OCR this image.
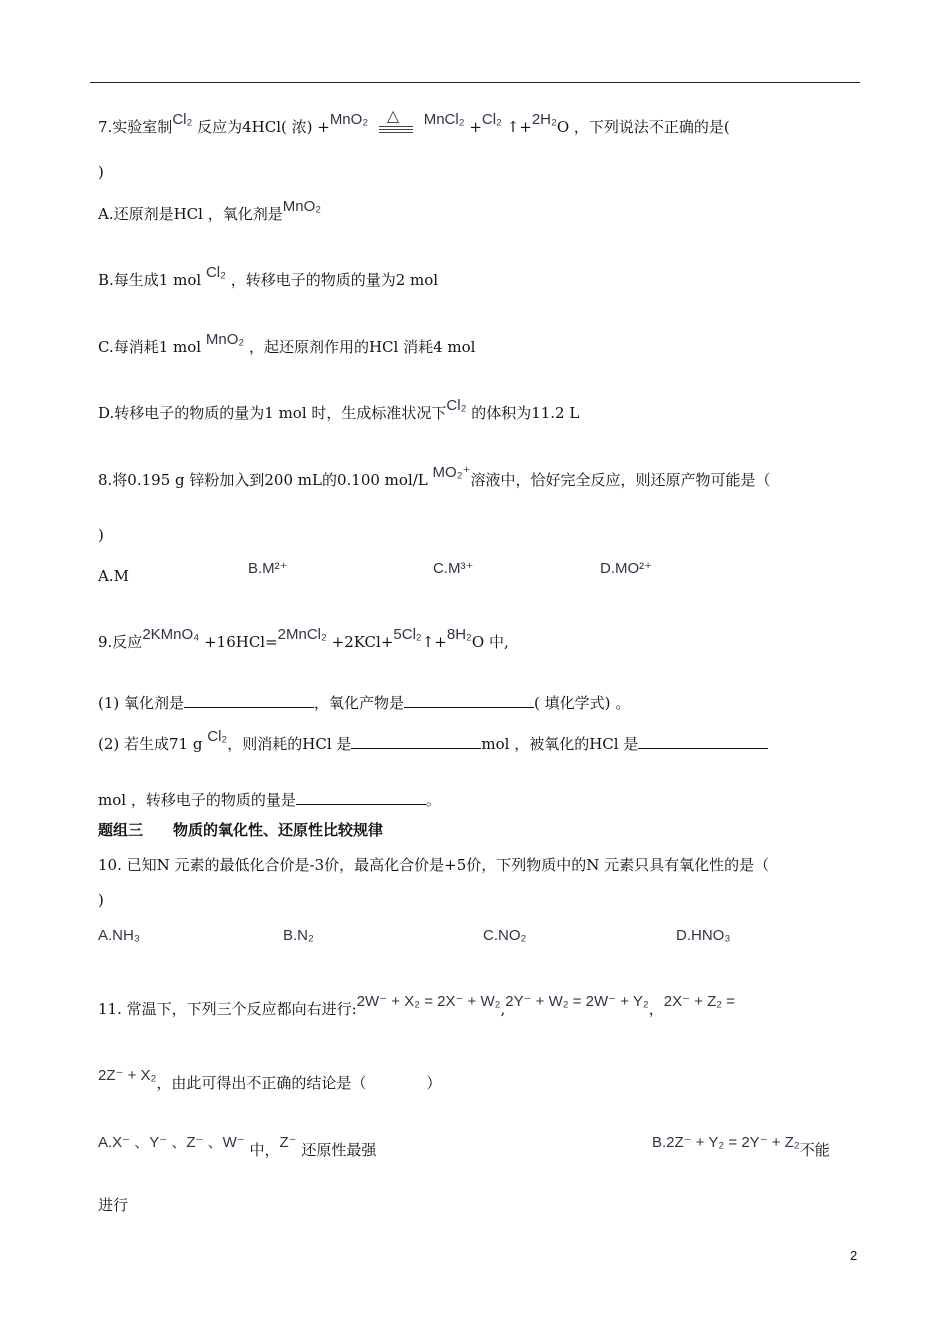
7.实验室制Cl₂ 反应为4HCl( 浓) +MnO₂ △ MnCl₂ +Cl₂ ↑+2H₂O ，下列说法不正确的是(
)
A.还原剂是HCl ，氧化剂是MnO₂
B.每生成1 mol Cl₂ ，转移电子的物质的量为2 mol
C.每消耗1 mol MnO₂ ，起还原剂作用的HCl 消耗4 mol
D.转移电子的物质的量为1 mol 时，生成标准状况下Cl₂ 的体积为11.2 L
8.将0.195 g 锌粉加入到200 mL的0.100 mol/L MO₂⁺溶液中，恰好完全反应，则还原产物可能是（
)
A.M	B.M²⁺	C.M³⁺	D.MO²⁺
9.反应2KMnO₄ +16HCl=2MnCl₂ +2KCl+5Cl₂↑+8H₂O 中,
(1) 氧化剂是	，氧化产物是	( 填化学式) 。
(2) 若生成71 g Cl₂，则消耗的HCl 是	mol ，被氧化的HCl 是
mol ，转移电子的物质的量是	。
题组三 物质的氧化性、还原性比较规律
10. 已知N 元素的最低化合价是-3价，最高化合价是+5价，下列物质中的N 元素只具有氧化性的是（
)
A.NH₃	B.N₂	C.NO₂	D.HNO₃
11. 常温下，下列三个反应都向右进行:2W⁻ + X₂ = 2X⁻ + W₂,2Y⁻ + W₂ = 2W⁻ + Y₂，2X⁻ + Z₂ =
2Z⁻ + X₂，由此可得出不正确的结论是（　　　　）
A.X⁻ 、Y⁻ 、Z⁻ 、W⁻ 中，Z⁻ 还原性最强	B.2Z⁻ + Y₂ = 2Y⁻ + Z₂不能
进行
2
